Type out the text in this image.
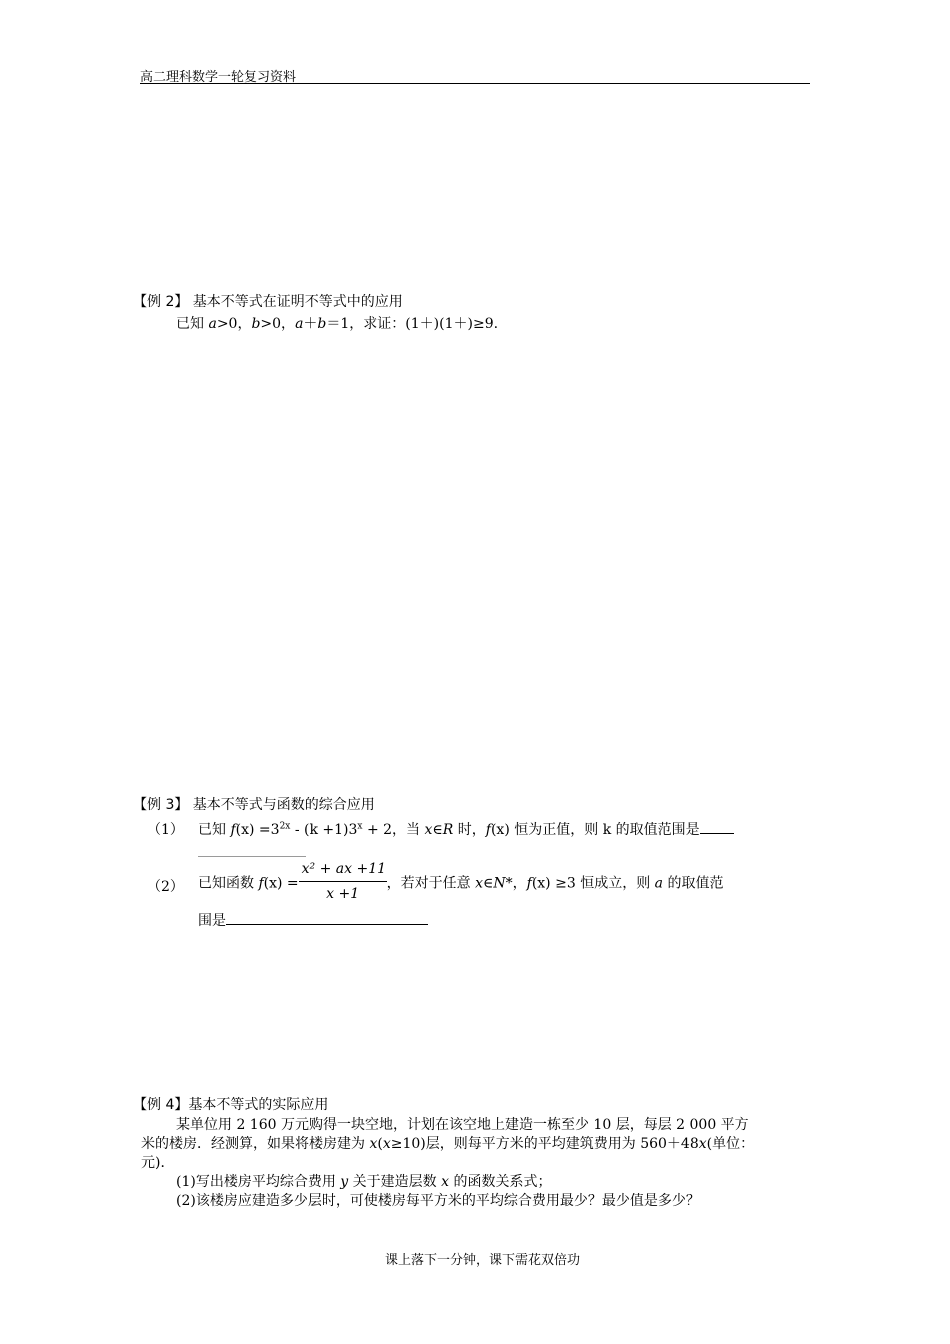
高二理科数学一轮复习资料
【例 2】 基本不等式在证明不等式中的应用
已知 a>0，b>0，a＋b＝1，求证：(1＋)(1＋)≥9.
【例 3】 基本不等式与函数的综合应用
（1） 已知 $f(x) =3^{2x} - (k +1)3^x + 2$，当 x∈R 时，f(x) 恒为正值，则 k 的取值范围是
（2） 已知函数 $f(x) = \frac{\text{x² + ax +11}}{x +1}$ ，若对于任意 x∈N*，f(x) ≥3 恒成立，则 a 的取值范
围是
【例 4】基本不等式的实际应用
某单位用 2 160 万元购得一块空地，计划在该空地上建造一栋至少 10 层，每层 2 000 平方
米的楼房．经测算，如果将楼房建为 x(x≥10)层，则每平方米的平均建筑费用为 560＋48x(单位：
元)．
(1)写出楼房平均综合费用 y 关于建造层数 x 的函数关系式；
(2)该楼房应建造多少层时，可使楼房每平方米的平均综合费用最少？最少值是多少？
课上落下一分钟，课下需花双倍功
